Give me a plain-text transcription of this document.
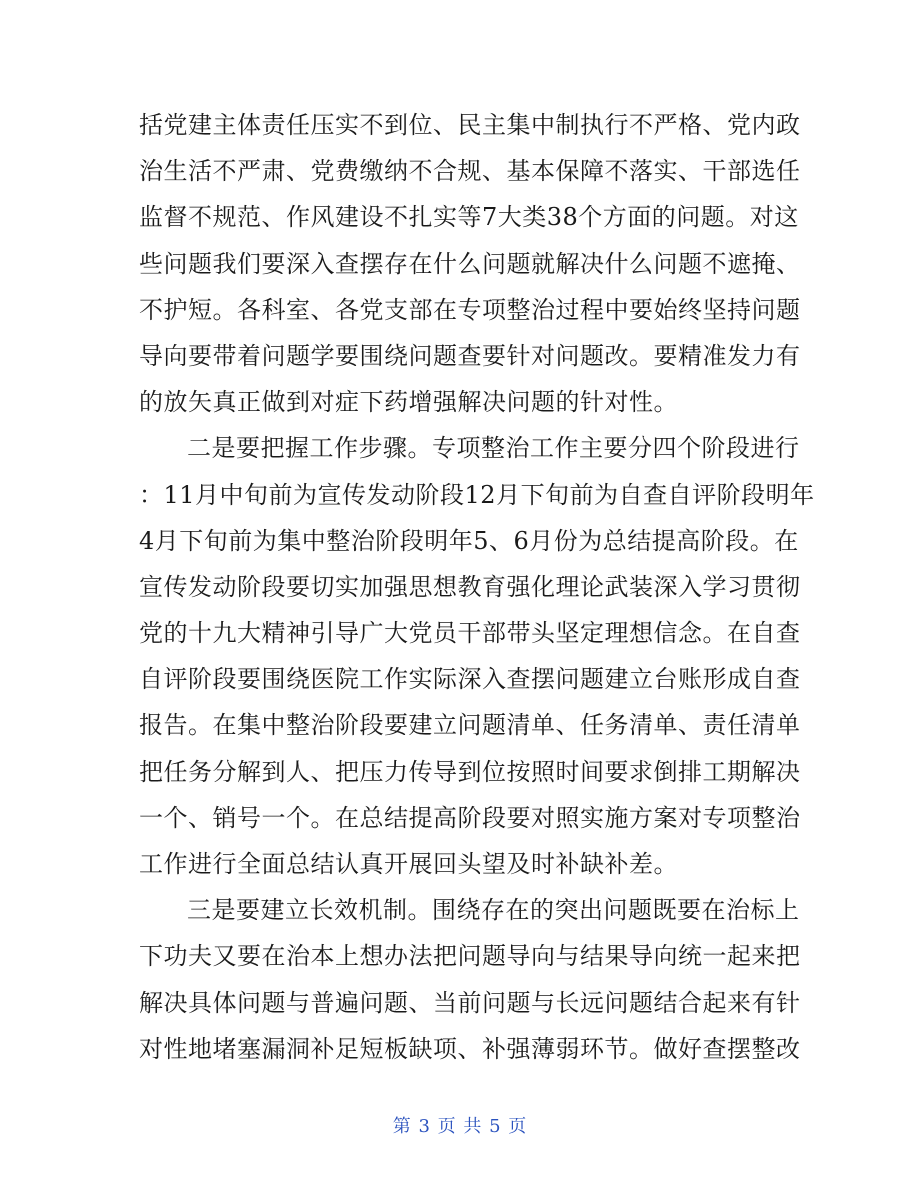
括党建主体责任压实不到位、民主集中制执行不严格、党内政
治生活不严肃、党费缴纳不合规、基本保障不落实、干部选任
监督不规范、作风建设不扎实等7大类38个方面的问题。对这
些问题我们要深入查摆存在什么问题就解决什么问题不遮掩、
不护短。各科室、各党支部在专项整治过程中要始终坚持问题
导向要带着问题学要围绕问题查要针对问题改。要精准发力有
的放矢真正做到对症下药增强解决问题的针对性。
二是要把握工作步骤。专项整治工作主要分四个阶段进行
：11月中旬前为宣传发动阶段12月下旬前为自查自评阶段明年
4月下旬前为集中整治阶段明年5、6月份为总结提高阶段。在
宣传发动阶段要切实加强思想教育强化理论武装深入学习贯彻
党的十九大精神引导广大党员干部带头坚定理想信念。在自查
自评阶段要围绕医院工作实际深入查摆问题建立台账形成自查
报告。在集中整治阶段要建立问题清单、任务清单、责任清单
把任务分解到人、把压力传导到位按照时间要求倒排工期解决
一个、销号一个。在总结提高阶段要对照实施方案对专项整治
工作进行全面总结认真开展回头望及时补缺补差。
三是要建立长效机制。围绕存在的突出问题既要在治标上
下功夫又要在治本上想办法把问题导向与结果导向统一起来把
解决具体问题与普遍问题、当前问题与长远问题结合起来有针
对性地堵塞漏洞补足短板缺项、补强薄弱环节。做好查摆整改
第 3 页 共 5 页
